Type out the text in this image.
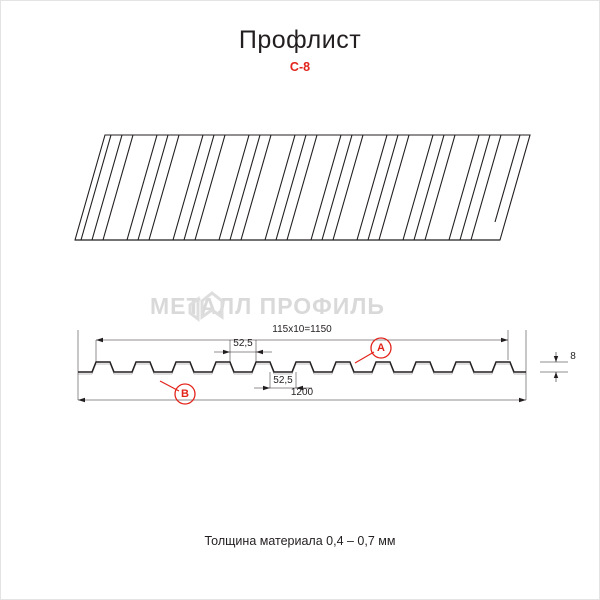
Профлист
С-8
МЕТАЛЛ ПРОФИЛЬ
A
B
115х10=1150
52,5
52,5
1200
8
Толщина материала 0,4 – 0,7 мм
